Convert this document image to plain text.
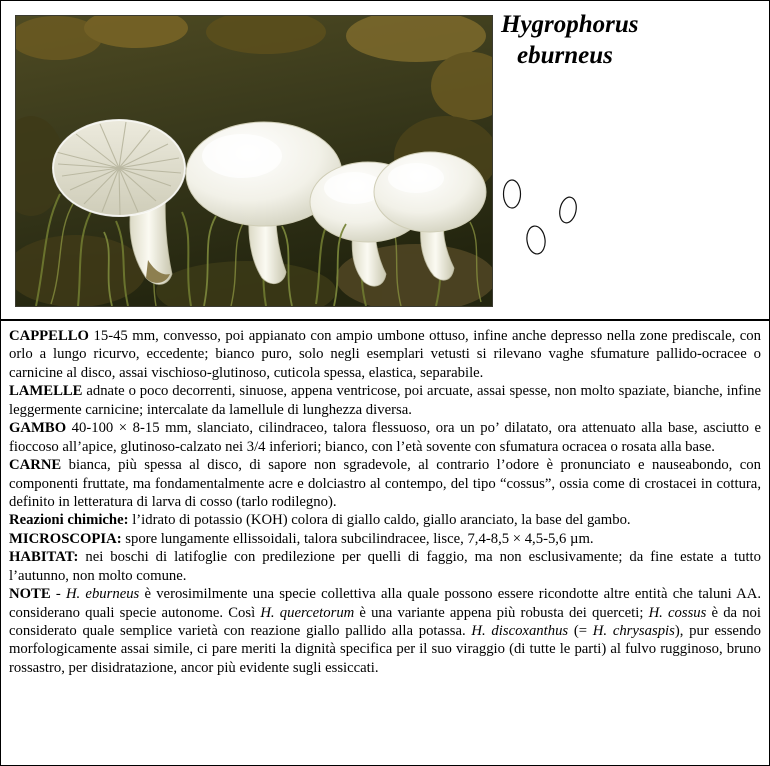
Hygrophorus
eburneus

CAPPELLO 15-45 mm, convesso, poi appianato con ampio umbone ottuso, infine anche depresso nella zone prediscale, con orlo a lungo ricurvo, eccedente; bianco puro, solo negli esemplari vetusti si rilevano vaghe sfumature pallido-ocracee o carnicine al disco, assai vischioso-glutinoso, cuticola spessa, elastica, separabile.

LAMELLE adnate o poco decorrenti, sinuose, appena ventricose, poi arcuate, assai spesse, non molto spaziate, bianche, infine leggermente carnicine; intercalate da lamellule di lunghezza diversa.

GAMBO 40-100 × 8-15 mm, slanciato, cilindraceo, talora flessuoso, ora un po’ dilatato, ora attenuato alla base, asciutto e fioccoso all’apice, glutinoso-calzato nei 3/4 inferiori; bianco, con l’età sovente con sfumatura ocracea o rosata alla base.

CARNE bianca, più spessa al disco, di sapore non sgradevole, al contrario l’odore è pronunciato e nauseabondo, con componenti fruttate, ma fondamentalmente acre e dolciastro al contempo, del tipo “cossus”, ossia come di crostacei in cottura, definito in letteratura di larva di cosso (tarlo rodilegno).

Reazioni chimiche: l’idrato di potassio (KOH) colora di giallo caldo, giallo aranciato, la base del gambo.

MICROSCOPIA: spore lungamente ellissoidali, talora subcilindracee, lisce, 7,4-8,5 × 4,5-5,6 µm.

HABITAT: nei boschi di latifoglie con predilezione per quelli di faggio, ma non esclusivamente; da fine estate a tutto l’autunno, non molto comune.

NOTE - H. eburneus è verosimilmente una specie collettiva alla quale possono essere ricondotte altre entità che taluni AA. considerano quali specie autonome. Così H. quercetorum è una variante appena più robusta dei querceti; H. cossus è da noi considerato quale semplice varietà con reazione giallo pallido alla potassa. H. discoxanthus (= H. chrysaspis), pur essendo morfologicamente assai simile, ci pare meriti la dignità specifica per il suo viraggio (di tutte le parti) al fulvo rugginoso, bruno rossastro, per disidratazione, ancor più evidente sugli essiccati.
